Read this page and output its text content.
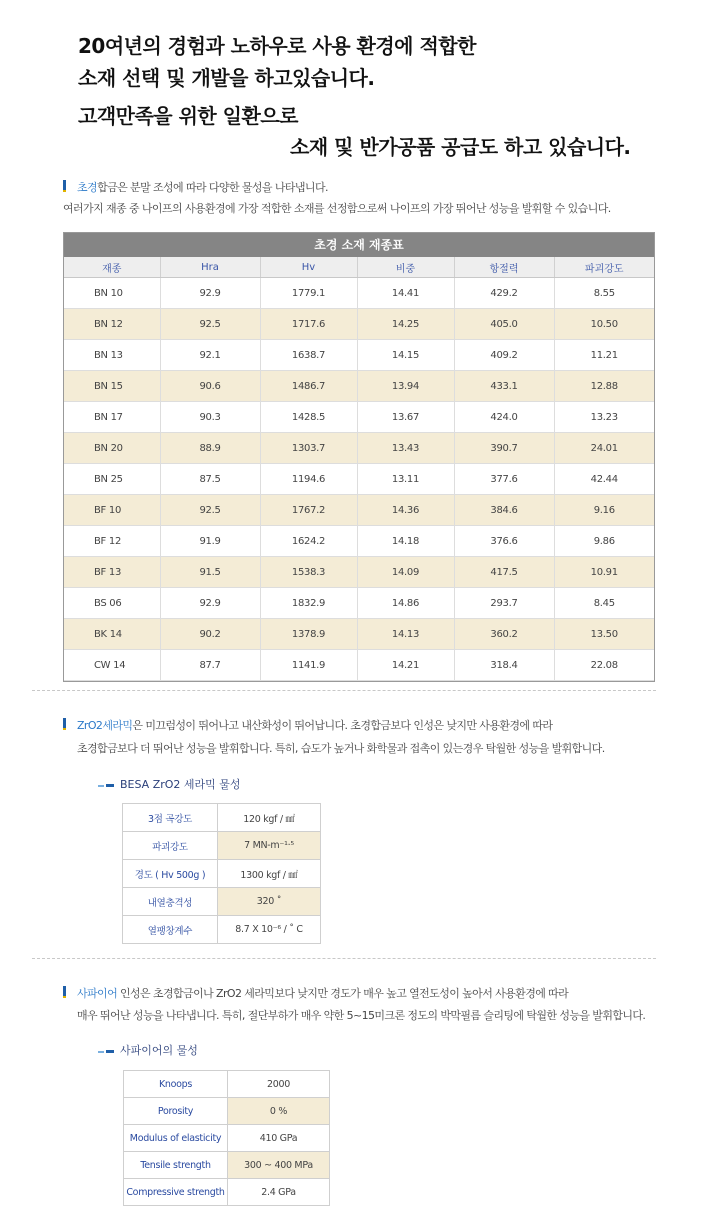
20여년의 경험과 노하우로 사용 환경에 적합한
소재 선택 및 개발을 하고있습니다.
고객만족을 위한 일환으로
소재 및 반가공품 공급도 하고 있습니다.
초경합금은 분말 조성에 따라 다양한 물성을 나타냅니다.
여러가지 재종 중 나이프의 사용환경에 가장 적합한 소재를 선정함으로써 나이프의 가장 뛰어난 성능을 발휘할 수 있습니다.
초경 소재 재종표
재종	Hra	Hv	비중	항절력	파괴강도
BN 10	92.9	1779.1	14.41	429.2	8.55
BN 12	92.5	1717.6	14.25	405.0	10.50
BN 13	92.1	1638.7	14.15	409.2	11.21
BN 15	90.6	1486.7	13.94	433.1	12.88
BN 17	90.3	1428.5	13.67	424.0	13.23
BN 20	88.9	1303.7	13.43	390.7	24.01
BN 25	87.5	1194.6	13.11	377.6	42.44
BF 10	92.5	1767.2	14.36	384.6	9.16
BF 12	91.9	1624.2	14.18	376.6	9.86
BF 13	91.5	1538.3	14.09	417.5	10.91
BS 06	92.9	1832.9	14.86	293.7	8.45
BK 14	90.2	1378.9	14.13	360.2	13.50
CW 14	87.7	1141.9	14.21	318.4	22.08
ZrO2세라믹은 미끄럼성이 뛰어나고 내산화성이 뛰어납니다. 초경합금보다 인성은 낮지만 사용환경에 따라
초경합금보다 더 뛰어난 성능을 발휘합니다. 특히, 습도가 높거나 화학물과 접촉이 있는경우 탁월한 성능을 발휘합니다.
BESA ZrO2 세라믹 물성
3점 곡강도	120 kgf / ㎟
파괴강도	7 MN-m⁻¹·⁵
경도 ( Hv 500g )	1300 kgf / ㎟
내열충격성	320 ˚
열팽창계수	8.7 X 10⁻⁶ / ˚ C
사파이어 인성은 초경합금이나 ZrO2 세라믹보다 낮지만 경도가 매우 높고 열전도성이 높아서 사용환경에 따라
매우 뛰어난 성능을 나타냅니다. 특히, 절단부하가 매우 약한 5~15미크론 정도의 박막필름 슬리팅에 탁월한 성능을 발휘합니다.
사파이어의 물성
Knoops	2000
Porosity	0 %
Modulus of elasticity	410 GPa
Tensile strength	300 ~ 400 MPa
Compressive strength	2.4 GPa
